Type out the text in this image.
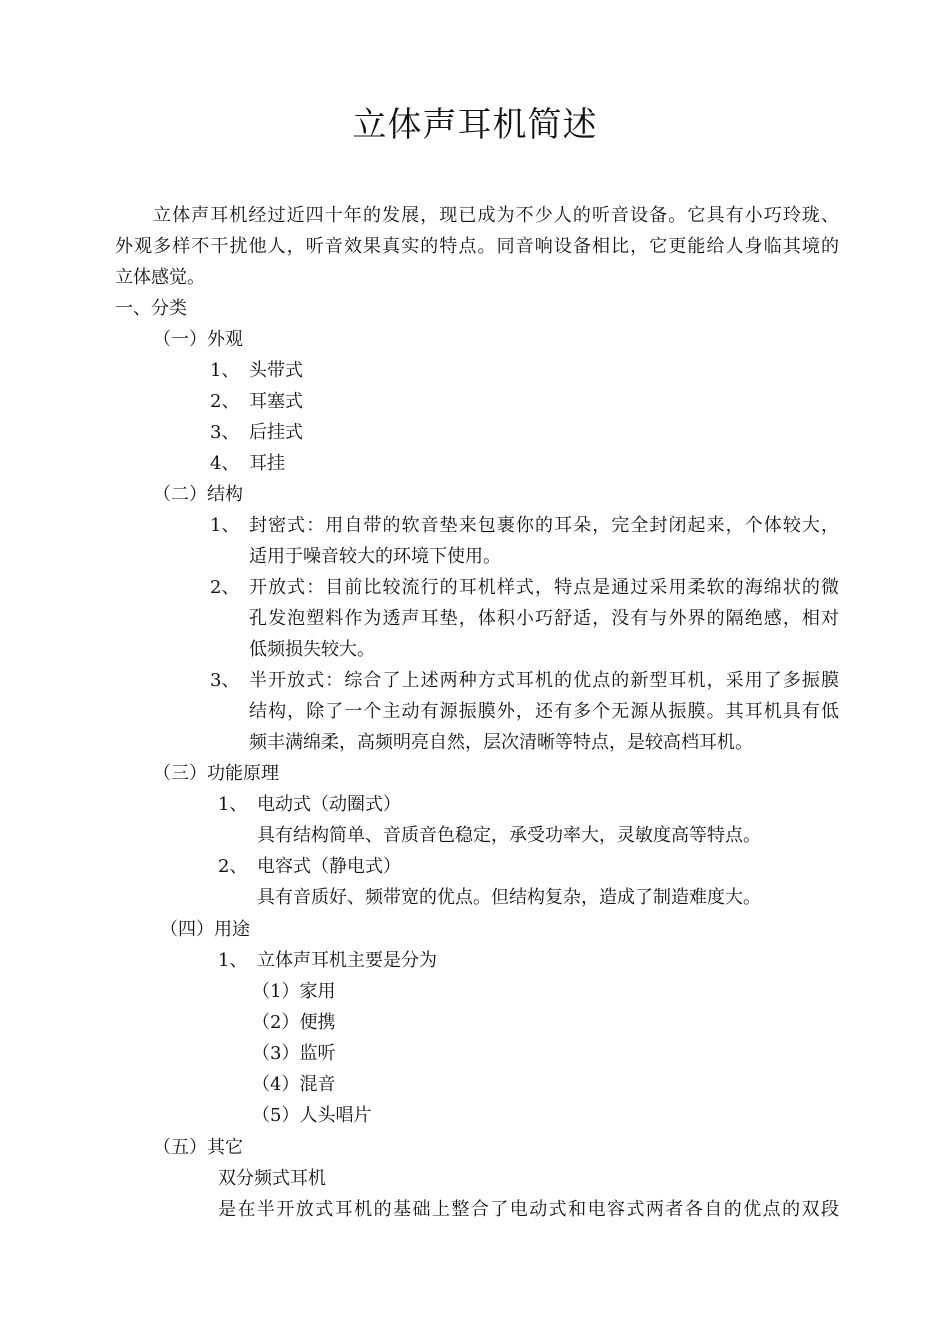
立体声耳机简述
立体声耳机经过近四十年的发展，现已成为不少人的听音设备。它具有小巧玲珑、
外观多样不干扰他人，听音效果真实的特点。同音响设备相比，它更能给人身临其境的
立体感觉。
一、分类
（一）外观
1、 头带式
2、 耳塞式
3、 后挂式
4、 耳挂
（二）结构
1、 封密式：用自带的软音垫来包裹你的耳朵，完全封闭起来，个体较大，
适用于噪音较大的环境下使用。
2、 开放式：目前比较流行的耳机样式，特点是通过采用柔软的海绵状的微
孔发泡塑料作为透声耳垫，体积小巧舒适，没有与外界的隔绝感，相对
低频损失较大。
3、 半开放式：综合了上述两种方式耳机的优点的新型耳机，采用了多振膜
结构，除了一个主动有源振膜外，还有多个无源从振膜。其耳机具有低
频丰满绵柔，高频明亮自然，层次清晰等特点，是较高档耳机。
（三）功能原理
1、 电动式（动圈式）
具有结构简单、音质音色稳定，承受功率大，灵敏度高等特点。
2、 电容式（静电式）
具有音质好、频带宽的优点。但结构复杂，造成了制造难度大。
（四）用途
1、 立体声耳机主要是分为
（1）家用
（2）便携
（3）监听
（4）混音
（5）人头唱片
（五）其它
双分频式耳机
是在半开放式耳机的基础上整合了电动式和电容式两者各自的优点的双段
